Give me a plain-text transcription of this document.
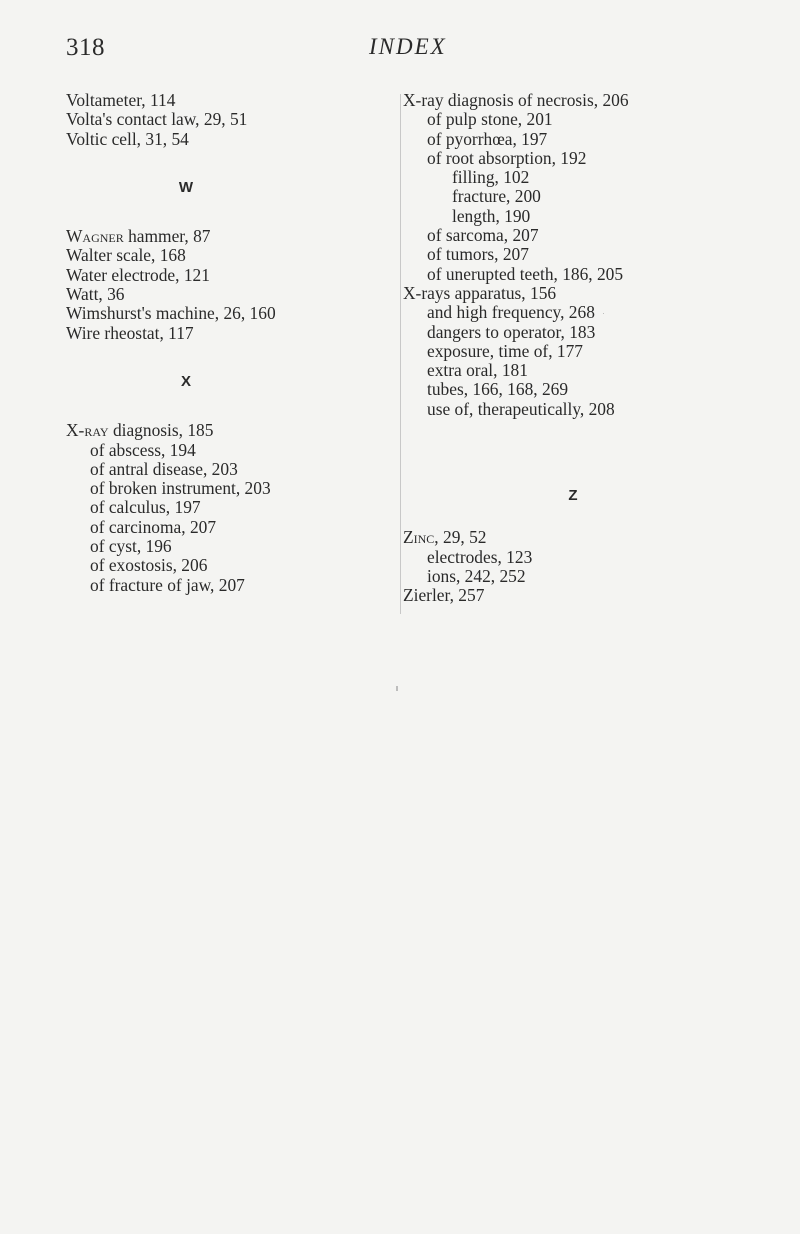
318	INDEX
Voltameter, 114
Volta's contact law, 29, 51
Voltic cell, 31, 54
W
Wagner hammer, 87
Walter scale, 168
Water electrode, 121
Watt, 36
Wimshurst's machine, 26, 160
Wire rheostat, 117
X
X-ray diagnosis, 185
of abscess, 194
of antral disease, 203
of broken instrument, 203
of calculus, 197
of carcinoma, 207
of cyst, 196
of exostosis, 206
of fracture of jaw, 207
X-ray diagnosis of necrosis, 206
of pulp stone, 201
of pyorrhœa, 197
of root absorption, 192
filling, 102
fracture, 200
length, 190
of sarcoma, 207
of tumors, 207
of unerupted teeth, 186, 205
X-rays apparatus, 156
and high frequency, 268
dangers to operator, 183
exposure, time of, 177
extra oral, 181
tubes, 166, 168, 269
use of, therapeutically, 208
Z
Zinc, 29, 52
electrodes, 123
ions, 242, 252
Zierler, 257
